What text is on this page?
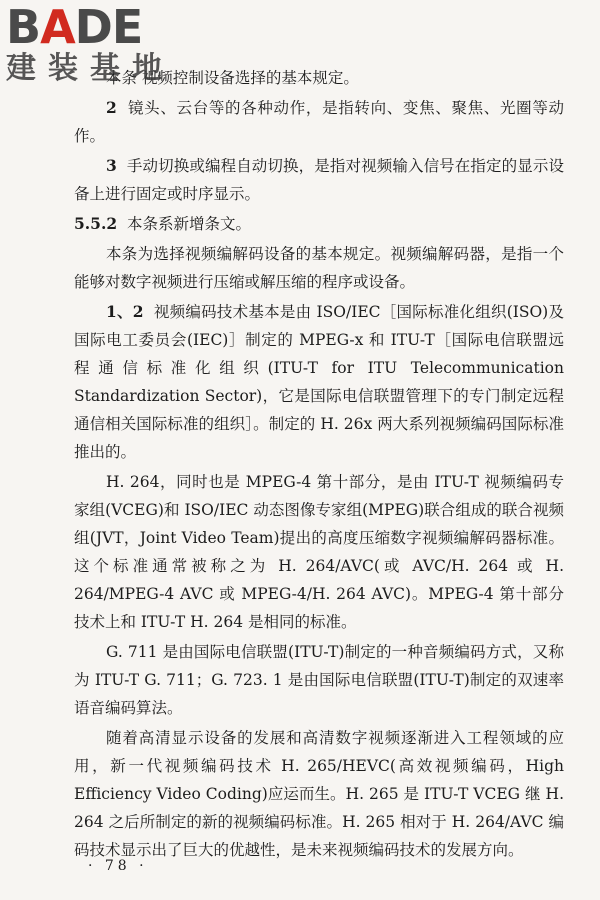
BADE
建装基地

本条 视频控制设备选择的基本规定。

2 镜头、云台等的各种动作，是指转向、变焦、聚焦、光圈等动作。

3 手动切换或编程自动切换，是指对视频输入信号在指定的显示设备上进行固定或时序显示。

5.5.2 本条系新增条文。

本条为选择视频编解码设备的基本规定。视频编解码器，是指一个能够对数字视频进行压缩或解压缩的程序或设备。

1、2 视频编码技术基本是由 ISO/IEC［国际标准化组织(ISO)及国际电工委员会(IEC)］制定的 MPEG-x 和 ITU-T［国际电信联盟远程通信标准化组织(ITU-T for ITU Telecommunication Standardization Sector)，它是国际电信联盟管理下的专门制定远程通信相关国际标准的组织］。制定的 H. 26x 两大系列视频编码国际标准推出的。

H. 264，同时也是 MPEG-4 第十部分，是由 ITU-T 视频编码专家组(VCEG)和 ISO/IEC 动态图像专家组(MPEG)联合组成的联合视频组(JVT，Joint Video Team)提出的高度压缩数字视频编解码器标准。这个标准通常被称之为 H. 264/AVC(或 AVC/H. 264 或 H. 264/MPEG-4 AVC 或 MPEG-4/H. 264 AVC)。MPEG-4 第十部分技术上和 ITU-T H. 264 是相同的标准。

G. 711 是由国际电信联盟(ITU-T)制定的一种音频编码方式，又称为 ITU-T G. 711；G. 723. 1 是由国际电信联盟(ITU-T)制定的双速率语音编码算法。

随着高清显示设备的发展和高清数字视频逐渐进入工程领域的应用，新一代视频编码技术 H. 265/HEVC(高效视频编码，High Efficiency Video Coding)应运而生。H. 265 是 ITU-T VCEG 继 H. 264 之后所制定的新的视频编码标准。H. 265 相对于 H. 264/AVC 编码技术显示出了巨大的优越性，是未来视频编码技术的发展方向。

· 78 ·
